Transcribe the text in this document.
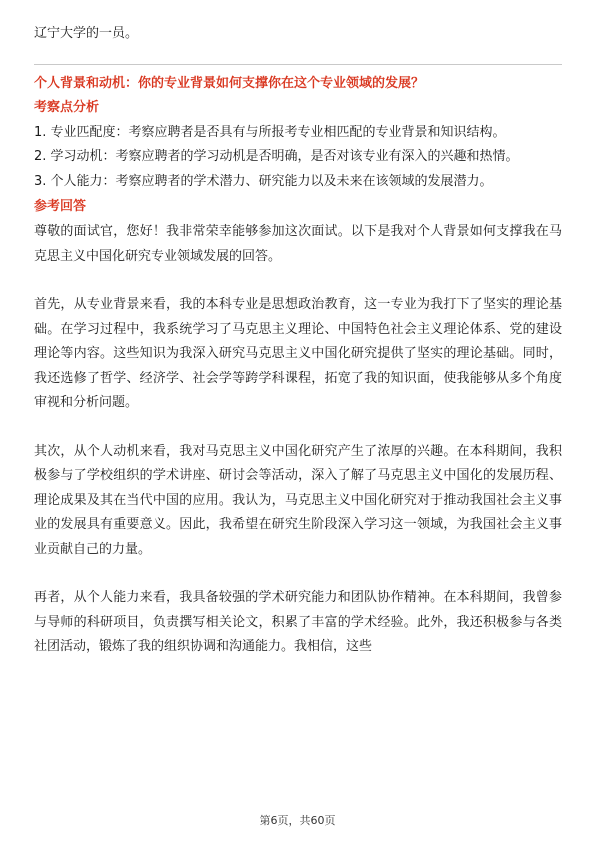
辽宁大学的一员。

个人背景和动机：你的专业背景如何支撑你在这个专业领域的发展？

考察点分析

1. 专业匹配度：考察应聘者是否具有与所报考专业相匹配的专业背景和知识结构。

2. 学习动机：考察应聘者的学习动机是否明确，是否对该专业有深入的兴趣和热情。

3. 个人能力：考察应聘者的学术潜力、研究能力以及未来在该领域的发展潜力。

参考回答

尊敬的面试官，您好！我非常荣幸能够参加这次面试。以下是我对个人背景如何支撑我在马克思主义中国化研究专业领域发展的回答。

首先，从专业背景来看，我的本科专业是思想政治教育，这一专业为我打下了坚实的理论基础。在学习过程中，我系统学习了马克思主义理论、中国特色社会主义理论体系、党的建设理论等内容。这些知识为我深入研究马克思主义中国化研究提供了坚实的理论基础。同时，我还选修了哲学、经济学、社会学等跨学科课程，拓宽了我的知识面，使我能够从多个角度审视和分析问题。

其次，从个人动机来看，我对马克思主义中国化研究产生了浓厚的兴趣。在本科期间，我积极参与了学校组织的学术讲座、研讨会等活动，深入了解了马克思主义中国化的发展历程、理论成果及其在当代中国的应用。我认为，马克思主义中国化研究对于推动我国社会主义事业的发展具有重要意义。因此，我希望在研究生阶段深入学习这一领域，为我国社会主义事业贡献自己的力量。

再者，从个人能力来看，我具备较强的学术研究能力和团队协作精神。在本科期间，我曾参与导师的科研项目，负责撰写相关论文，积累了丰富的学术经验。此外，我还积极参与各类社团活动，锻炼了我的组织协调和沟通能力。我相信，这些

第6页，共60页
